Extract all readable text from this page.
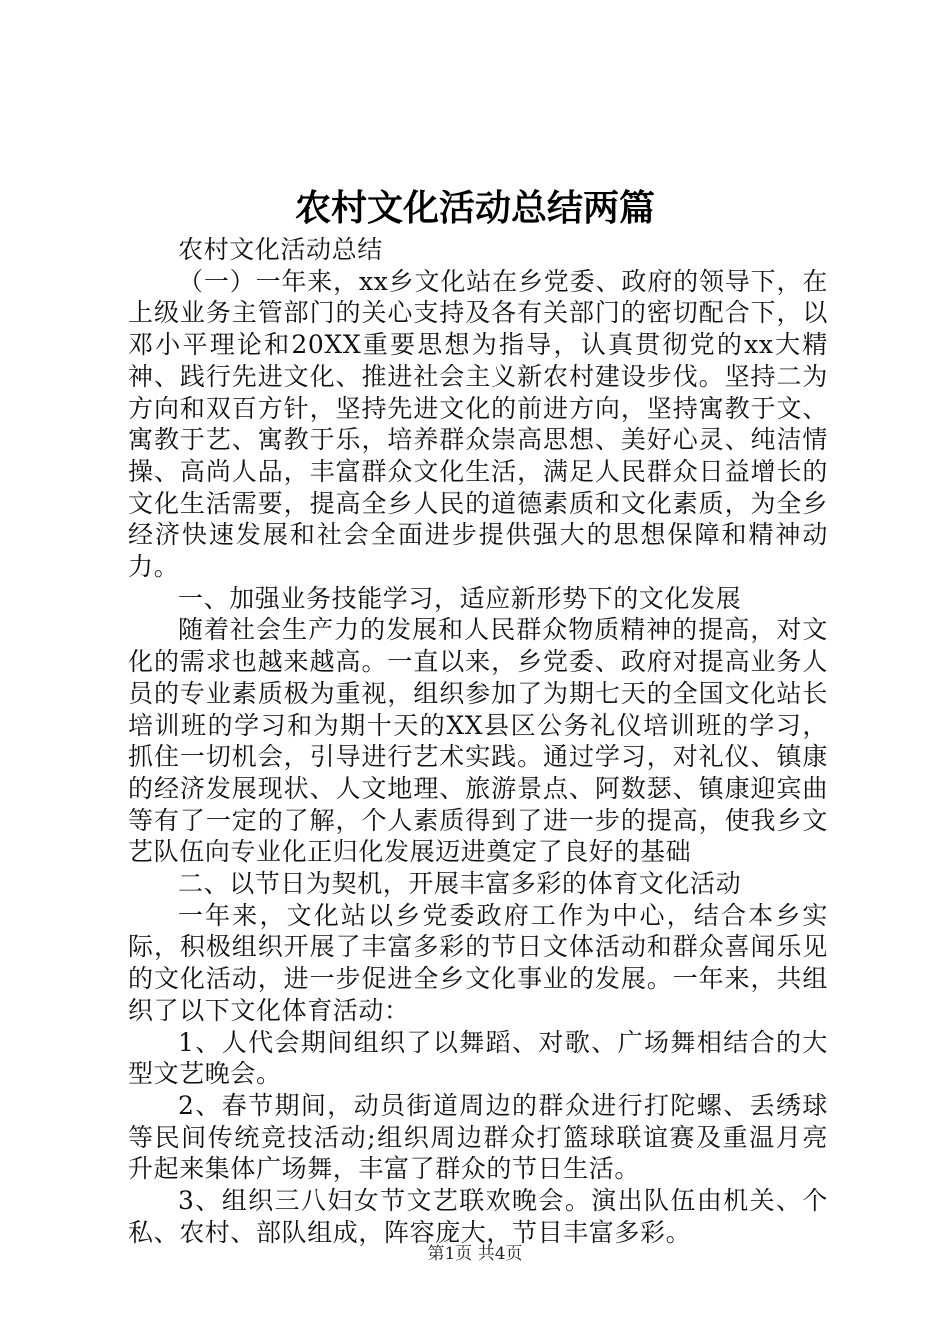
农村文化活动总结两篇

农村文化活动总结

（一）一年来，xx乡文化站在乡党委、政府的领导下，在上级业务主管部门的关心支持及各有关部门的密切配合下，以邓小平理论和20XX重要思想为指导，认真贯彻党的xx大精神、践行先进文化、推进社会主义新农村建设步伐。坚持二为方向和双百方针，坚持先进文化的前进方向，坚持寓教于文、寓教于艺、寓教于乐，培养群众崇高思想、美好心灵、纯洁情操、高尚人品，丰富群众文化生活，满足人民群众日益增长的文化生活需要，提高全乡人民的道德素质和文化素质，为全乡经济快速发展和社会全面进步提供强大的思想保障和精神动力。

一、加强业务技能学习，适应新形势下的文化发展

随着社会生产力的发展和人民群众物质精神的提高，对文化的需求也越来越高。一直以来，乡党委、政府对提高业务人员的专业素质极为重视，组织参加了为期七天的全国文化站长培训班的学习和为期十天的XX县区公务礼仪培训班的学习，抓住一切机会，引导进行艺术实践。通过学习，对礼仪、镇康的经济发展现状、人文地理、旅游景点、阿数瑟、镇康迎宾曲等有了一定的了解，个人素质得到了进一步的提高，使我乡文艺队伍向专业化正归化发展迈进奠定了良好的基础

二、以节日为契机，开展丰富多彩的体育文化活动

一年来，文化站以乡党委政府工作为中心，结合本乡实际，积极组织开展了丰富多彩的节日文体活动和群众喜闻乐见的文化活动，进一步促进全乡文化事业的发展。一年来，共组织了以下文化体育活动：

1、人代会期间组织了以舞蹈、对歌、广场舞相结合的大型文艺晚会。

2、春节期间，动员街道周边的群众进行打陀螺、丢绣球等民间传统竞技活动;组织周边群众打篮球联谊赛及重温月亮升起来集体广场舞，丰富了群众的节日生活。

3、组织三八妇女节文艺联欢晚会。演出队伍由机关、个私、农村、部队组成，阵容庞大，节目丰富多彩。

第1页 共4页
